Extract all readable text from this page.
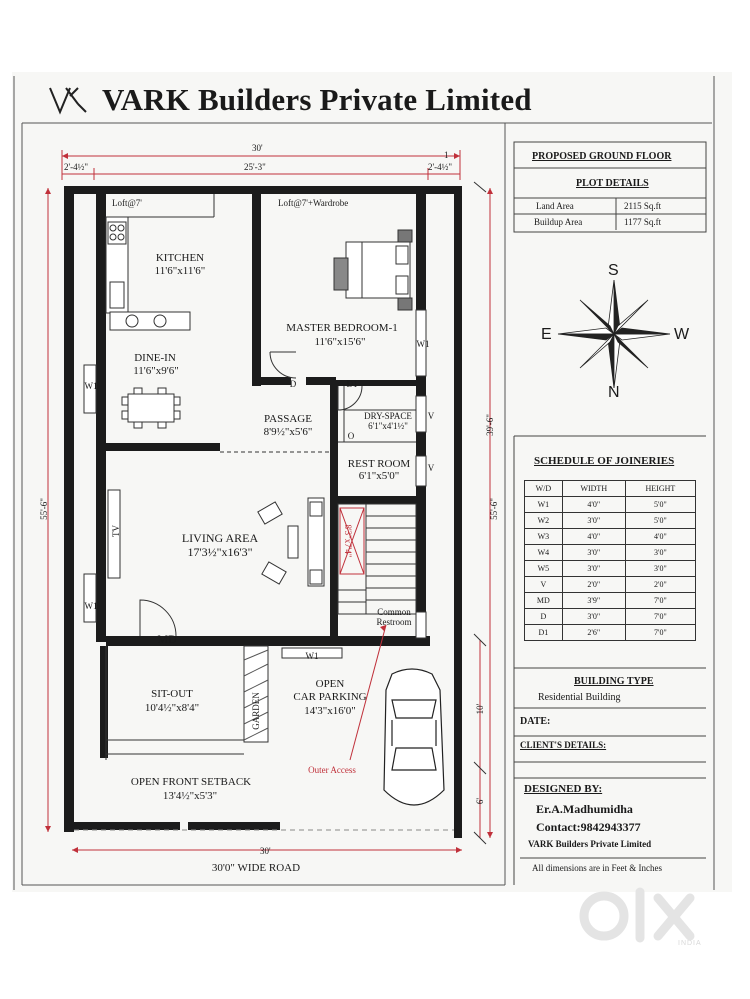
VARK Builders Private Limited
30'
2'-4½"	25'-3"	2'-4½"
1
55'-6"
39'-6"
55'-6"
10'
6'
30'
Loft@7'	Loft@7'+Wardrobe
KITCHEN
11'6"x11'6"
MASTER BEDROOM-1
11'6"x15'6"
DINE-IN
11'6"x9'6"
PASSAGE
8'9½"x5'6"
DRY-SPACE
6'1"x4'1½"
REST ROOM
6'1"x5'0"
LIVING AREA
17'3½"x16'3"
SIT-OUT
10'4½"x8'4"
OPEN
CAR PARKING
14'3"x16'0"
OPEN FRONT SETBACK
13'4½"x5'3"
GARDEN
Common
Restroom
Outer Access
30'0" WIDE ROAD
TV	8'3"x7'4"
MD
D	D1
W1
W1
W1
W1
V
V
O
PROPOSED GROUND FLOOR
PLOT DETAILS
Land Area	2115 Sq.ft
Buildup Area	1177 Sq.ft
S
N
E	W
SCHEDULE OF JOINERIES
W/D	WIDTH	HEIGHT
W1	4'0"	5'0"
W2	3'0"	5'0"
W3	4'0"	4'0"
W4	3'0"	3'0"
W5	3'0"	3'0"
V	2'0"	2'0"
MD	3'9"	7'0"
D	3'0"	7'0"
D1	2'6"	7'0"
BUILDING TYPE
Residential Building
DATE:
CLIENT'S DETAILS:
DESIGNED BY:
Er.A.Madhumidha
Contact:9842943377
VARK Builders Private Limited
All dimensions are in Feet & Inches
INDIA
